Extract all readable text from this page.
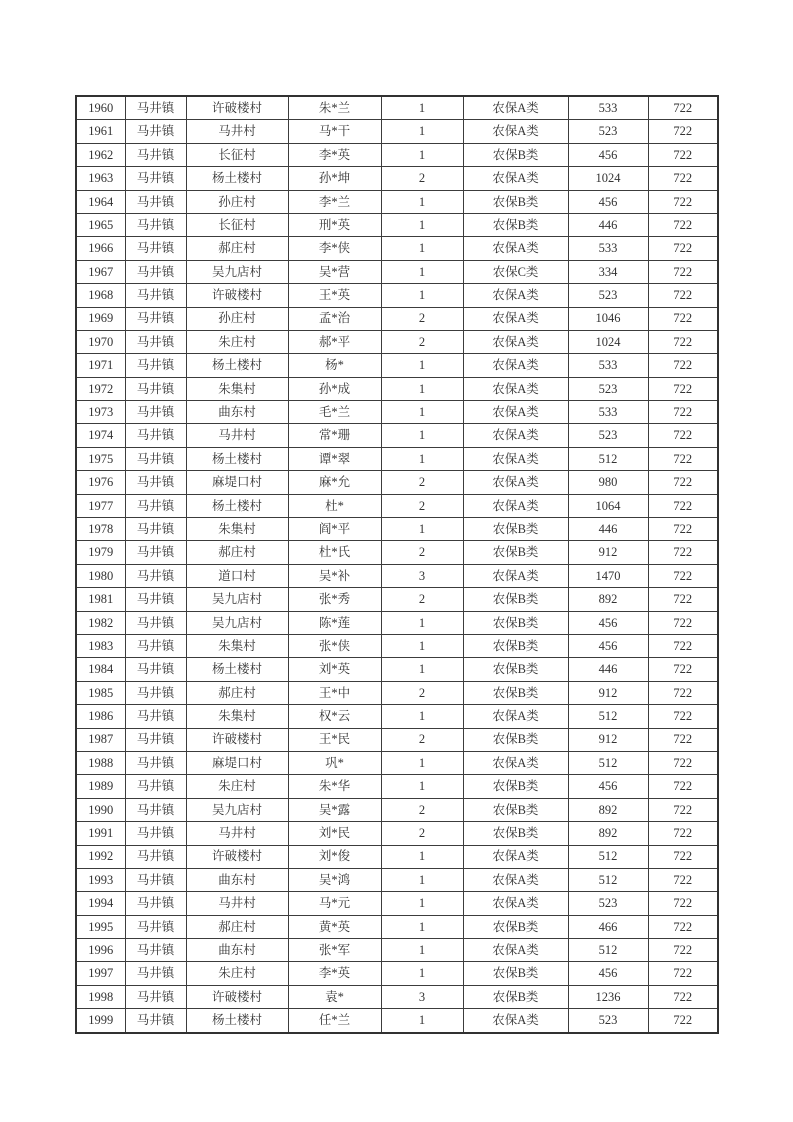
1960	马井镇	许破楼村	朱*兰	1	农保A类	533	722
1961	马井镇	马井村	马*干	1	农保A类	523	722
1962	马井镇	长征村	李*英	1	农保B类	456	722
1963	马井镇	杨土楼村	孙*坤	2	农保A类	1024	722
1964	马井镇	孙庄村	李*兰	1	农保B类	456	722
1965	马井镇	长征村	刑*英	1	农保B类	446	722
1966	马井镇	郝庄村	李*侠	1	农保A类	533	722
1967	马井镇	吴九店村	吴*营	1	农保C类	334	722
1968	马井镇	许破楼村	王*英	1	农保A类	523	722
1969	马井镇	孙庄村	孟*治	2	农保A类	1046	722
1970	马井镇	朱庄村	郝*平	2	农保A类	1024	722
1971	马井镇	杨土楼村	杨*	1	农保A类	533	722
1972	马井镇	朱集村	孙*成	1	农保A类	523	722
1973	马井镇	曲东村	毛*兰	1	农保A类	533	722
1974	马井镇	马井村	常*珊	1	农保A类	523	722
1975	马井镇	杨土楼村	谭*翠	1	农保A类	512	722
1976	马井镇	麻堤口村	麻*允	2	农保A类	980	722
1977	马井镇	杨土楼村	杜*	2	农保A类	1064	722
1978	马井镇	朱集村	阎*平	1	农保B类	446	722
1979	马井镇	郝庄村	杜*氏	2	农保B类	912	722
1980	马井镇	道口村	吴*补	3	农保A类	1470	722
1981	马井镇	吴九店村	张*秀	2	农保B类	892	722
1982	马井镇	吴九店村	陈*莲	1	农保B类	456	722
1983	马井镇	朱集村	张*侠	1	农保B类	456	722
1984	马井镇	杨土楼村	刘*英	1	农保B类	446	722
1985	马井镇	郝庄村	王*中	2	农保B类	912	722
1986	马井镇	朱集村	权*云	1	农保A类	512	722
1987	马井镇	许破楼村	王*民	2	农保B类	912	722
1988	马井镇	麻堤口村	巩*	1	农保A类	512	722
1989	马井镇	朱庄村	朱*华	1	农保B类	456	722
1990	马井镇	吴九店村	吴*露	2	农保B类	892	722
1991	马井镇	马井村	刘*民	2	农保B类	892	722
1992	马井镇	许破楼村	刘*俊	1	农保A类	512	722
1993	马井镇	曲东村	吴*鸿	1	农保A类	512	722
1994	马井镇	马井村	马*元	1	农保A类	523	722
1995	马井镇	郝庄村	黄*英	1	农保B类	466	722
1996	马井镇	曲东村	张*军	1	农保A类	512	722
1997	马井镇	朱庄村	李*英	1	农保B类	456	722
1998	马井镇	许破楼村	袁*	3	农保B类	1236	722
1999	马井镇	杨土楼村	任*兰	1	农保A类	523	722
